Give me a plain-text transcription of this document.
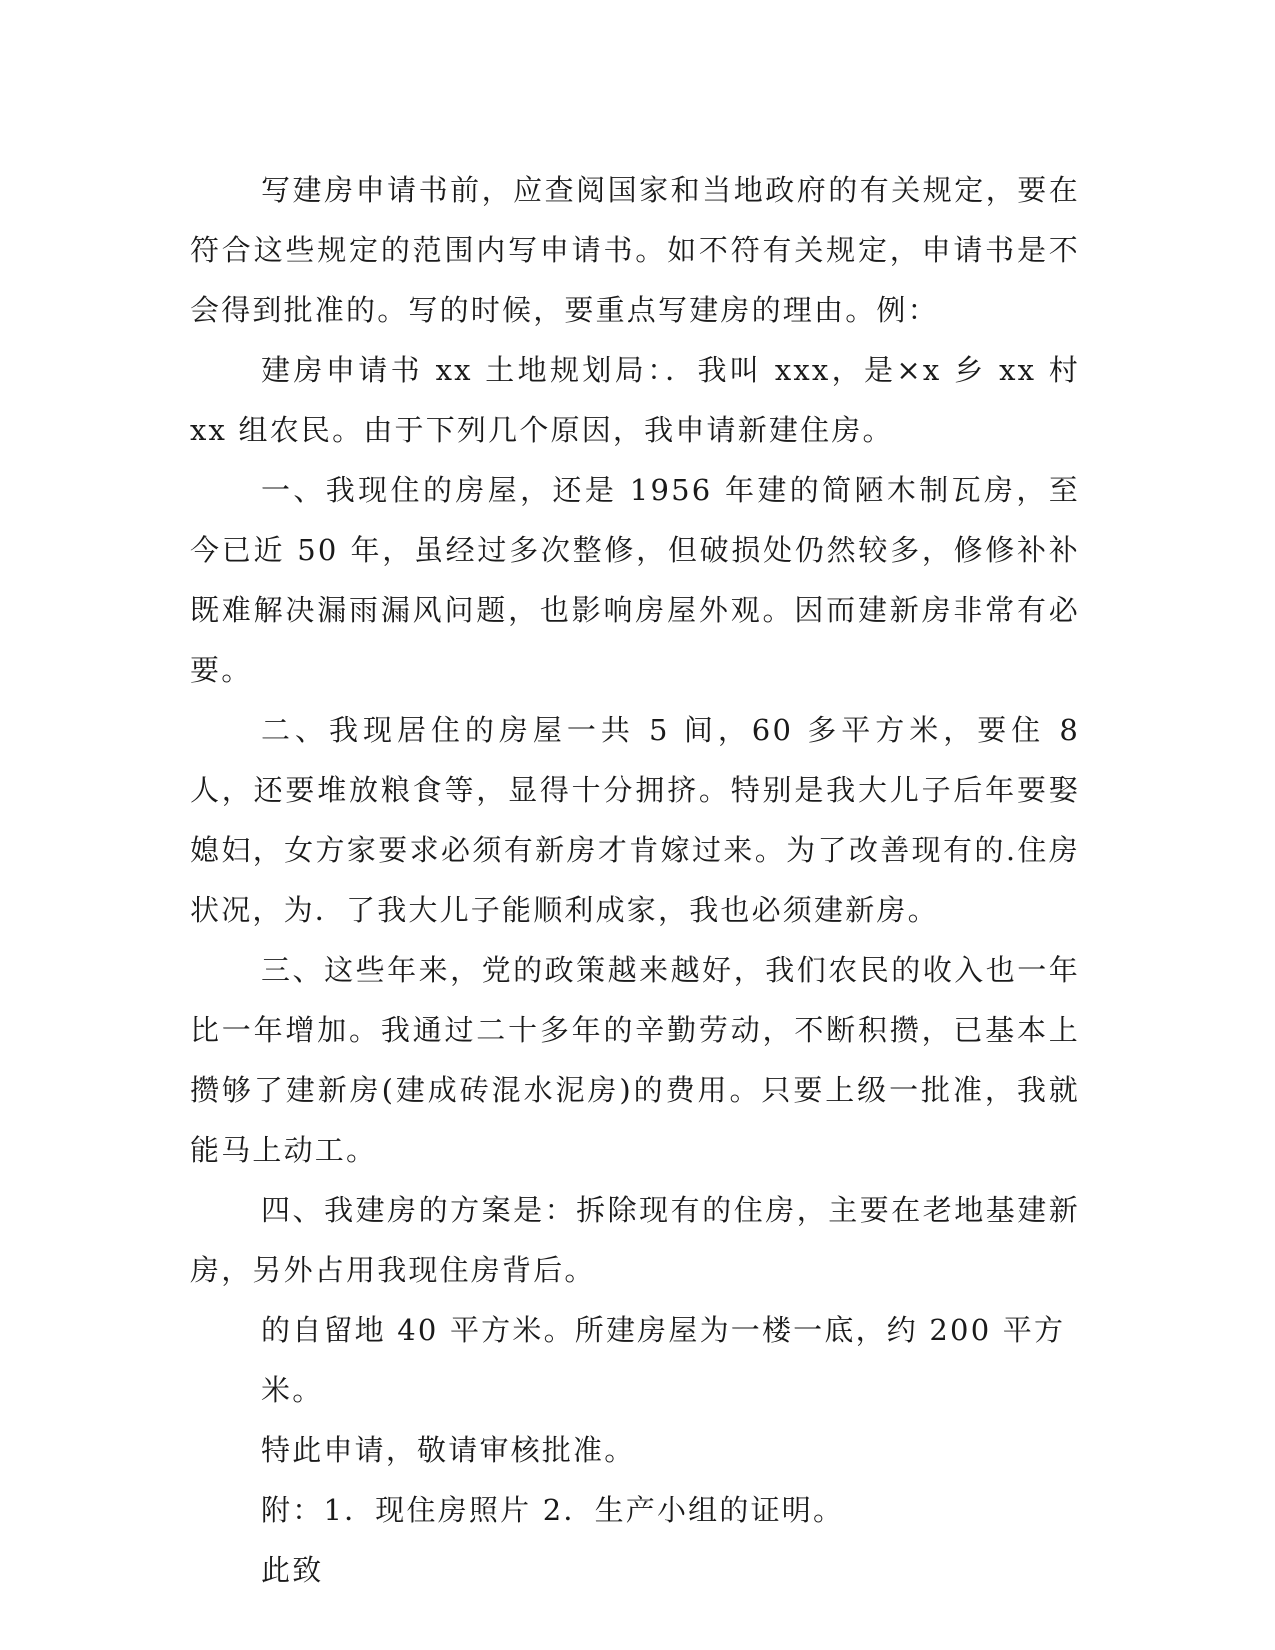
写建房申请书前，应查阅国家和当地政府的有关规定，要在符合这些规定的范围内写申请书。如不符有关规定，申请书是不会得到批准的。写的时候，要重点写建房的理由。例：

建房申请书 xx 土地规划局：．我叫 xxx，是×x 乡 xx 村 xx 组农民。由于下列几个原因，我申请新建住房。

一、我现住的房屋，还是 1956 年建的简陋木制瓦房，至今已近 50 年，虽经过多次整修，但破损处仍然较多，修修补补既难解决漏雨漏风问题，也影响房屋外观。因而建新房非常有必要。

二、我现居住的房屋一共 5 间，60 多平方米，要住 8 人，还要堆放粮食等，显得十分拥挤。特别是我大儿子后年要娶媳妇，女方家要求必须有新房才肯嫁过来。为了改善现有的.住房状况，为．了我大儿子能顺利成家，我也必须建新房。

三、这些年来，党的政策越来越好，我们农民的收入也一年比一年增加。我通过二十多年的辛勤劳动，不断积攒，已基本上攒够了建新房(建成砖混水泥房)的费用。只要上级一批准，我就能马上动工。

四、我建房的方案是：拆除现有的住房，主要在老地基建新房，另外占用我现住房背后。

的自留地 40 平方米。所建房屋为一楼一底，约 200 平方米。

特此申请，敬请审核批准。

附：1．现住房照片 2．生产小组的证明。

此致
